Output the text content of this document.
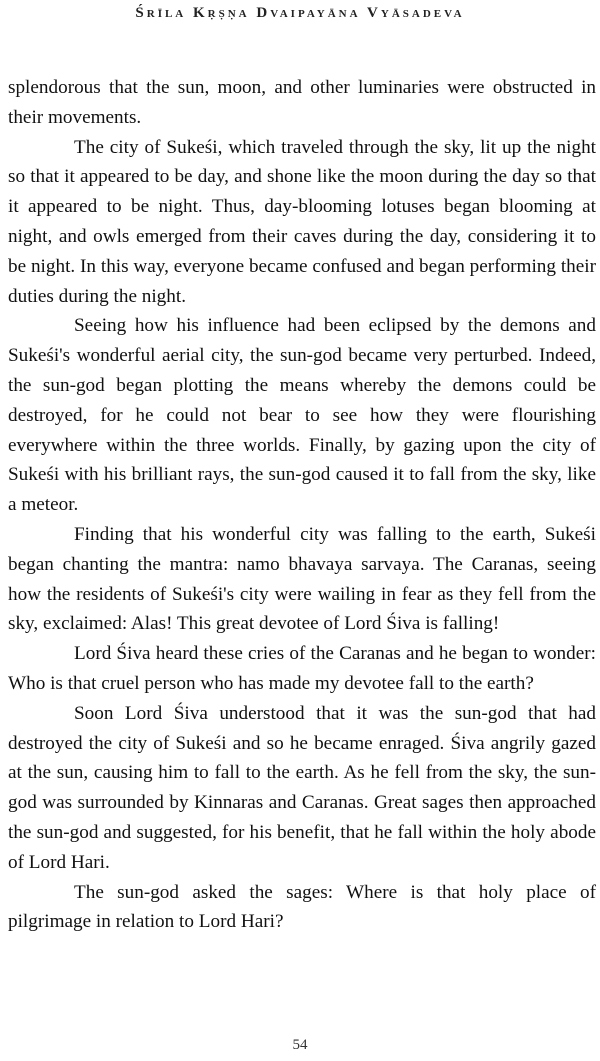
Śrīla Kṛṣṇa Dvaipayāna Vyāsadeva

splendorous that the sun, moon, and other luminaries were obstructed in their movements.

The city of Sukeśi, which traveled through the sky, lit up the night so that it appeared to be day, and shone like the moon during the day so that it appeared to be night. Thus, day-blooming lotuses began blooming at night, and owls emerged from their caves during the day, considering it to be night. In this way, everyone became confused and began performing their duties during the night.

Seeing how his influence had been eclipsed by the demons and Sukeśi's wonderful aerial city, the sun-god became very perturbed. Indeed, the sun-god began plotting the means whereby the demons could be destroyed, for he could not bear to see how they were flourishing everywhere within the three worlds. Finally, by gazing upon the city of Sukeśi with his brilliant rays, the sun-god caused it to fall from the sky, like a meteor.

Finding that his wonderful city was falling to the earth, Sukeśi began chanting the mantra: namo bhavaya sarvaya. The Caranas, seeing how the residents of Sukeśi's city were wailing in fear as they fell from the sky, exclaimed: Alas! This great devotee of Lord Śiva is falling!

Lord Śiva heard these cries of the Caranas and he began to wonder: Who is that cruel person who has made my devotee fall to the earth?

Soon Lord Śiva understood that it was the sun-god that had destroyed the city of Sukeśi and so he became enraged. Śiva angrily gazed at the sun, causing him to fall to the earth. As he fell from the sky, the sun-god was surrounded by Kinnaras and Caranas. Great sages then approached the sun-god and suggested, for his benefit, that he fall within the holy abode of Lord Hari.

The sun-god asked the sages: Where is that holy place of pilgrimage in relation to Lord Hari?

54
